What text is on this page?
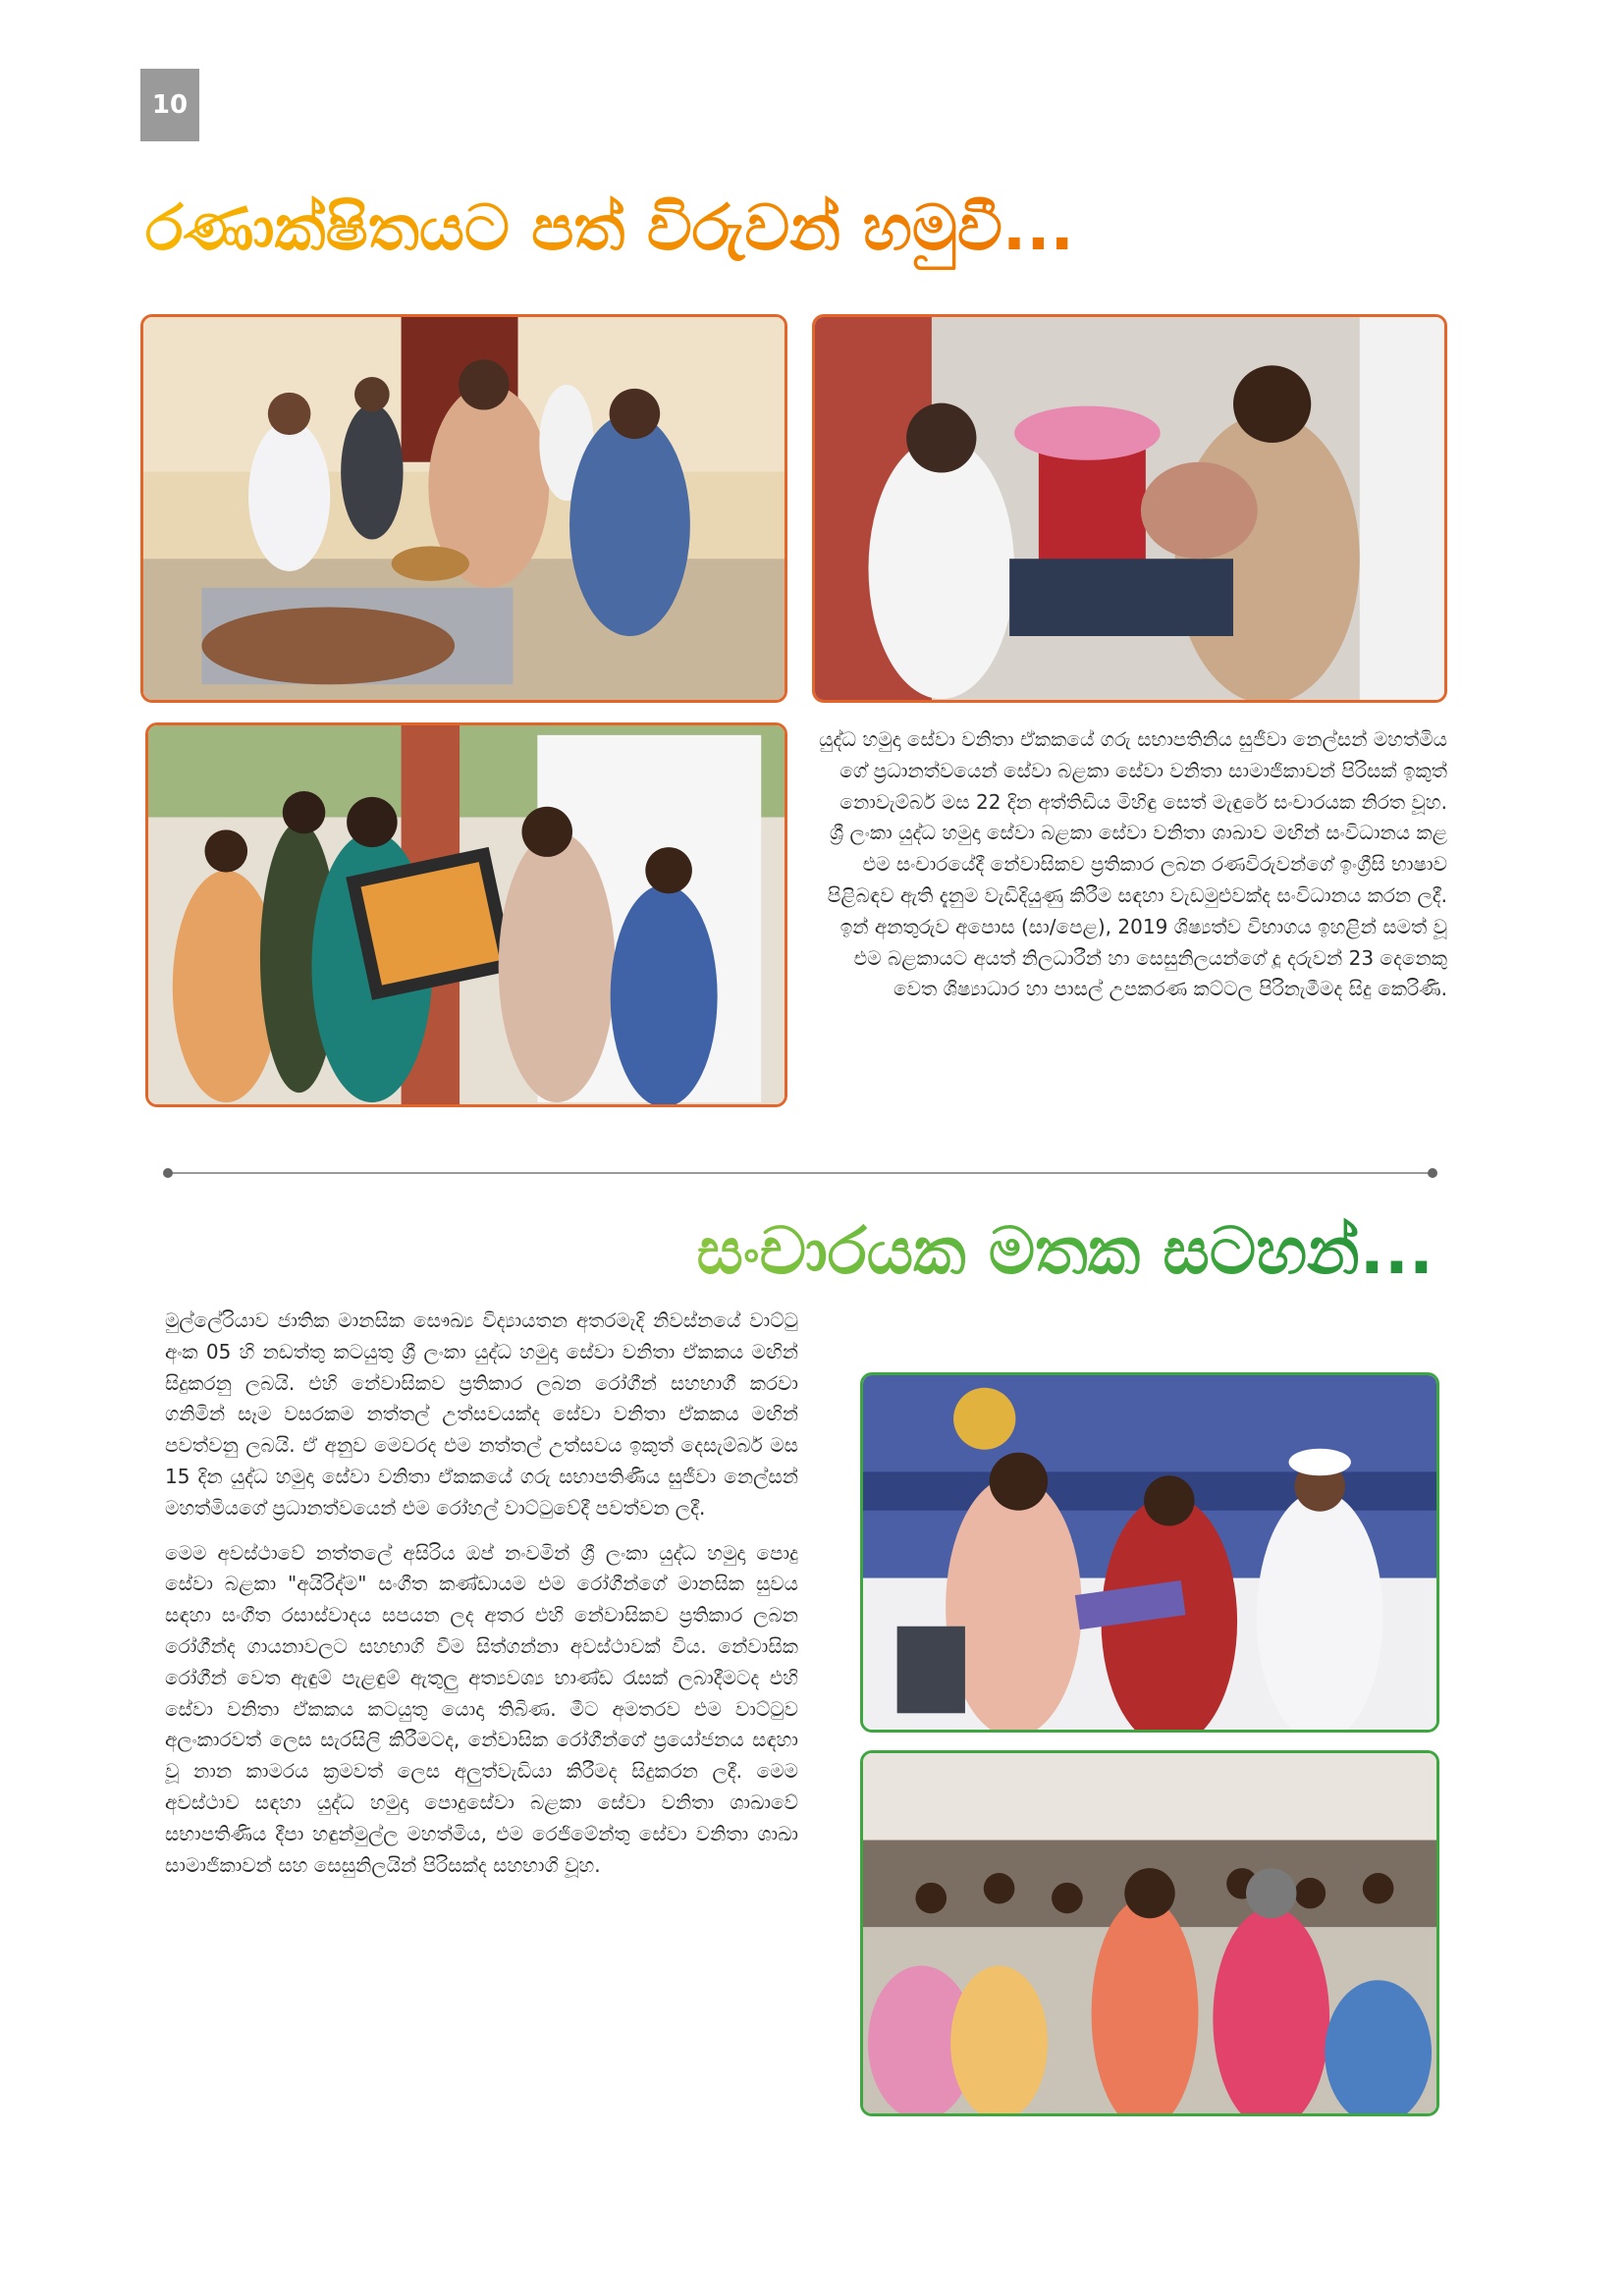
10
රණාක්ෂිතයට පත් විරුවන් හමුවී...

යුද්ධ හමුදා සේවා වනිතා ඒකකයේ ගරු සභාපතිනිය සුජීවා නෙල්සන් මහත්මිය ගේ ප්‍රධානත්වයෙන් සේවා බළකා සේවා වනිතා සාමාජිකාවන් පිරිසක් ඉකුත් නොවැම්බර් මස 22 දින අත්තිඩිය මිහිඳු සෙත් මැඳුරේ සංචාරයක නිරත වූහ.

ශ්‍රී ලංකා යුද්ධ හමුදා සේවා බළකා සේවා වනිතා ශාඛාව මඟින් සංවිධානය කළ එම සංචාරයේදී නේවාසිකව ප්‍රතිකාර ලබන රණවිරුවන්ගේ ඉංග්‍රීසි භාෂාව පිළිබඳව ඇති දැනුම වැඩිදියුණු කිරීම සඳහා වැඩමුළුවක්ද සංවිධානය කරන ලදී. ඉන් අනතුරුව අපොස (සා/පෙළ), 2019 ශිෂ්‍යත්ව විභාගය ඉහළින් සමත් වූ එම බළකායට අයත් නිලධාරීන් හා සෙසුනිලයන්ගේ දූ දරුවන් 23 දෙනෙකු වෙත ශිෂ්‍යාධාර හා පාසල් උපකරණ කට්ටල පිරිනැමීමද සිදු කෙරිණි.

සංචාරයක මතක සටහන්...

මුල්ලේරියාව ජාතික මානසික සෞඛ්‍ය විද්‍යායතන අතරමැදි නිවස්නයේ වාට්ටු අංක 05 හි නඩත්තු කටයුතු ශ්‍රී ලංකා යුද්ධ හමුදා සේවා වනිතා ඒකකය මඟින් සිදුකරනු ලබයි. එහි නේවාසිකව ප්‍රතිකාර ලබන රෝගීන් සහභාගී කරවා ගනිමින් සෑම වසරකම නත්තල් උත්සවයක්ද සේවා වනිතා ඒකකය මඟින් පවත්වනු ලබයි. ඒ අනුව මෙවරද එම නත්තල් උත්සවය ඉකුත් දෙසැම්බර් මස 15 දින යුද්ධ හමුදා සේවා වනිතා ඒකකයේ ගරු සභාපතිණිය සුජීවා නෙල්සන් මහත්මියගේ ප්‍රධානත්වයෙන් එම රෝහල් වාට්ටුවේදී පවත්වන ලදී.

මෙම අවස්ථාවේ නත්තලේ අසිරිය ඔප් නංවමින් ශ්‍රී ලංකා යුද්ධ හමුදා පොදු සේවා බළකා "අයිරිද්ම" සංගීත කණ්ඩායම එම රෝගීන්ගේ මානසික සුවය සඳහා සංගීත රසාස්වාදය සපයන ලද අතර එහි නේවාසිකව ප්‍රතිකාර ලබන රෝගීන්ද ගායනාවලට සහභාගි වීම සිත්ගන්නා අවස්ථාවක් විය. නේවාසික රෝගීන් වෙත ඇඳුම් පැළඳුම් ඇතුලු අත්‍යවශ්‍ය භාණ්ඩ රැසක් ලබාදීමටද එහි සේවා වනිතා ඒකකය කටයුතු යොදා තිබිණ. මීට අමතරව එම වාට්ටුව අලංකාරවත් ලෙස සැරසිලි කිරීමටද, නේවාසික රෝගීන්ගේ ප්‍රයෝජනය සඳහා වූ නාන කාමරය ක්‍රමවත් ලෙස අලුත්වැඩියා කිරීමද සිදුකරන ලදී. මෙම අවස්ථාව සඳහා යුද්ධ හමුදා පොදුසේවා බළකා සේවා වනිතා ශාඛාවේ සභාපතිණිය දීපා හඳුන්මුල්ල මහත්මිය, එම රෙජිමේන්තු සේවා වනිතා ශාඛා සාමාජිකාවන් සහ සෙසුනිලයින් පිරිසක්ද සහභාගි වූහ.
